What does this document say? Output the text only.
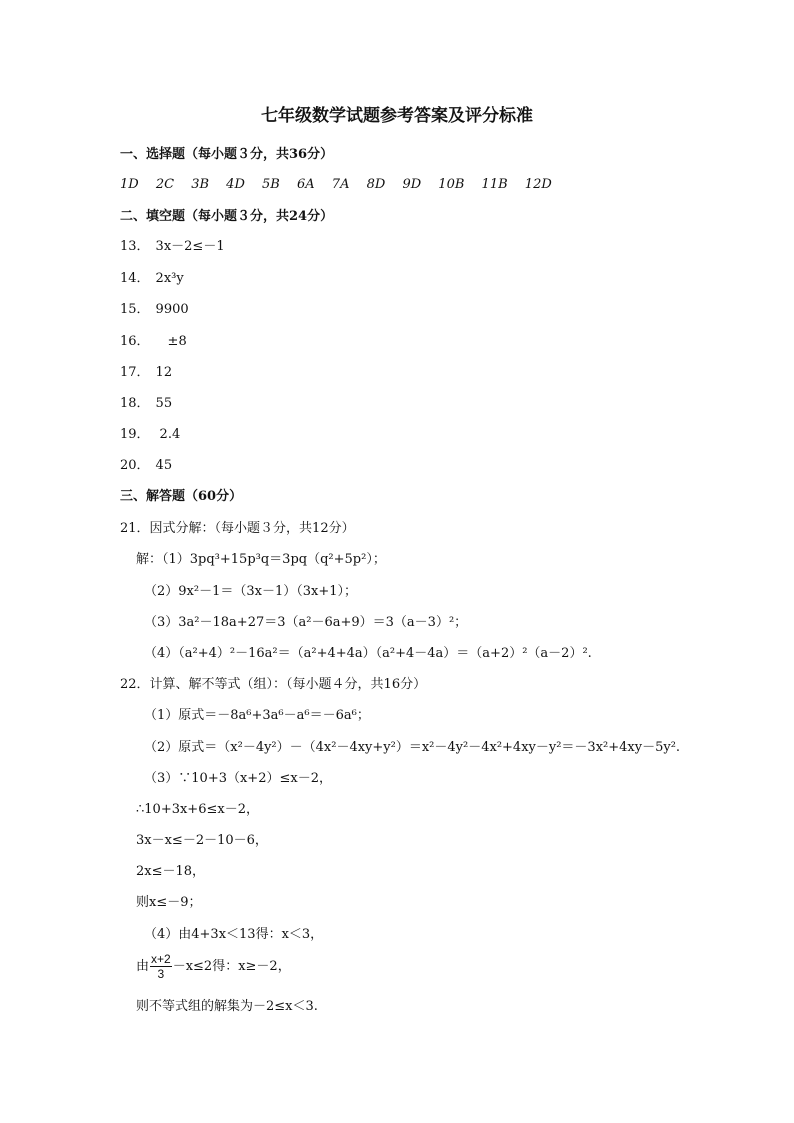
七年级数学试题参考答案及评分标准
一、选择题（每小题３分，共36分）
1D 2C 3B 4D 5B 6A 7A 8D 9D 10B 11B 12D
二、填空题（每小题３分，共24分）
13． 3x－2≤－1
14． 2x³y
15． 9900
16． ±8
17． 12
18． 55
19． 2.4
20． 45
三、解答题（60分）
21．因式分解：（每小题３分，共12分）
解：（1）3pq³+15p³q＝3pq（q²+5p²）；
（2）9x²－1＝（3x－1）（3x+1）；
（3）3a²－18a+27＝3（a²－6a+9）＝3（a－3）²；
（4）（a²+4）²－16a²＝（a²+4+4a）（a²+4－4a）＝（a+2）²（a－2）².
22．计算、解不等式（组）：（每小题４分，共16分）
（1）原式＝－8a⁶+3a⁶－a⁶＝－6a⁶；
（2）原式＝（x²－4y²）－（4x²－4xy+y²）＝x²－4y²－4x²+4xy－y²＝－3x²+4xy－5y².
（3）∵10+3（x+2）≤x－2，
∴10+3x+6≤x－2，
3x－x≤－2－10－6，
2x≤－18，
则x≤－9；
（4）由4+3x＜13得：x＜3，
由 $\frac{x+2}{3} -x\le 2$得：x≥－2，
则不等式组的解集为－2≤x＜3.
